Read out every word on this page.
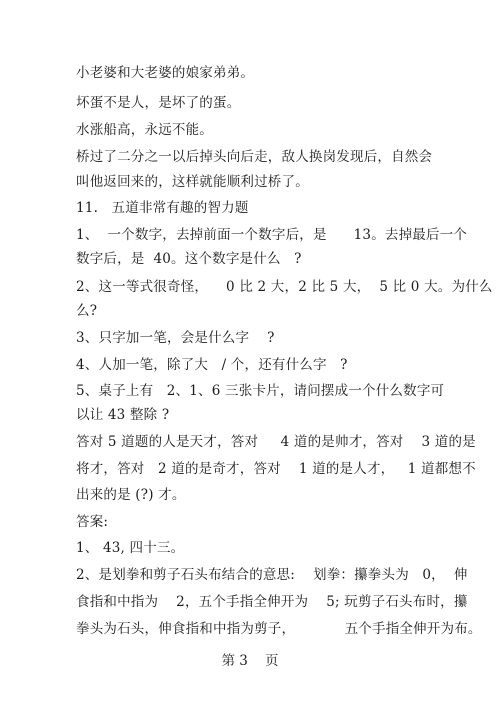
小老婆和大老婆的娘家弟弟。
坏蛋不是人，是坏了的蛋。
水涨船高，永远不能。
桥过了二分之一以后掉头向后走，敌人换岗发现后，自然会
叫他返回来的，这样就能顺利过桥了。
11.   五道非常有趣的智力题
1、  一个数字，去掉前面一个数字后，是      13。去掉最后一个
数字后，是  40。这个数字是什么   ?
2、这一等式很奇怪，    0 比 2 大，2 比 5 大，  5 比 0 大。为什么
么?
3、只字加一笔，会是什么字    ?
4、人加一笔，除了大   / 个，还有什么字   ?
5、桌子上有   2、1、6 三张卡片，请问摆成一个什么数字可
以让 43 整除 ?
答对 5 道题的人是天才，答对     4 道的是帅才，答对    3 道的是
将才，答对   2 道的是奇才，答对    1 道的是人才，   1 道都想不
出来的是 (?) 才。
答案:
1、 43, 四十三。
2、是划拳和剪子石头布结合的意思:    划拳：攥拳头为   0，  伸
食指和中指为    2，五个手指全伸开为    5; 玩剪子石头布时，攥
拳头为石头，伸食指和中指为剪子，           五个手指全伸开为布。
第 3    页
